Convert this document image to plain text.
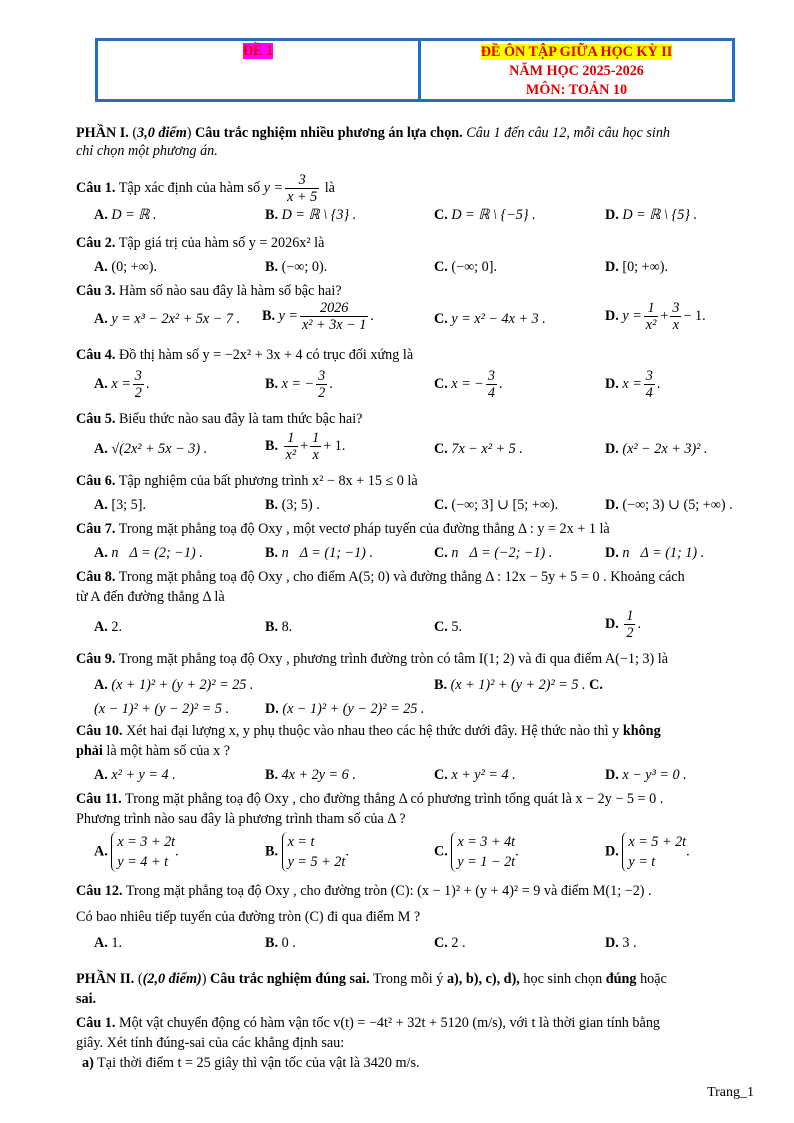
ĐỀ 1	ĐỀ ÔN TẬP GIỮA HỌC KỲ II
NĂM HỌC 2025-2026
MÔN: TOÁN 10
PHẦN I. (3,0 điểm) Câu trắc nghiệm nhiều phương án lựa chọn. Câu 1 đến câu 12, mỗi câu học sinh
chỉ chọn một phương án.
Câu 1. Tập xác định của hàm số $y = \frac{3}{x + 5}$ là
A. D = ℝ .	B. D = ℝ \ {3} .	C. D = ℝ \ {−5} .	D. D = ℝ \ {5} .
Câu 2. Tập giá trị của hàm số y = 2026x² là
A. (0; +∞).	B. (−∞; 0).	C. (−∞; 0].	D. [0; +∞).
Câu 3. Hàm số nào sau đây là hàm số bậc hai?
A. y = x³ − 2x² + 5x − 7 . B. $y = \frac{2026}{\text{x² + 3x − 1}}$ .	C. y = x² − 4x + 3 .	D. $y = \frac{1}{\text{x²}} + \frac{3}{x} - 1$.
Câu 4. Đồ thị hàm số y = −2x² + 3x + 4 có trục đối xứng là
A. $x = \frac{3}{2}$ .	B. x = − $\frac{3}{2}$ .	C. x = − $\frac{3}{4}$ .	D. $x = \frac{3}{4}$ .
Câu 5. Biểu thức nào sau đây là tam thức bậc hai?
A. √(2x² + 5x − 3) .	B. $\frac{1}{\text{x²}} + \frac{1}{x} + 1$.	C. 7x − x² + 5 .	D. (x² − 2x + 3)² .
Câu 6. Tập nghiệm của bất phương trình x² − 8x + 15 ≤ 0 là
A. [3; 5].	B. (3; 5) .	C. (−∞; 3] ∪ [5; +∞).	D. (−∞; 3) ∪ (5; +∞) .
Câu 7. Trong mặt phẳng toạ độ Oxy , một vectơ pháp tuyến của đường thẳng Δ : y = 2x + 1 là
A. n⃗Δ = (2; −1) .	B. n⃗Δ = (1; −1) .	C. n⃗Δ = (−2; −1) .	D. n⃗Δ = (1; 1) .
Câu 8. Trong mặt phẳng toạ độ Oxy , cho điểm A(5; 0) và đường thẳng Δ : 12x − 5y + 5 = 0 . Khoảng cách
từ A đến đường thẳng Δ là
A. 2.	B. 8.	C. 5.	D. $\frac{1}{2}$ .
Câu 9. Trong mặt phẳng toạ độ Oxy , phương trình đường tròn có tâm I(1; 2) và đi qua điểm A(−1; 3) là
A. (x + 1)² + (y + 2)² = 25 .	B. (x + 1)² + (y + 2)² = 5 . C.
(x − 1)² + (y − 2)² = 5 .	D. (x − 1)² + (y − 2)² = 25 .
Câu 10. Xét hai đại lượng x, y phụ thuộc vào nhau theo các hệ thức dưới đây. Hệ thức nào thì y không
phải là một hàm số của x ?
A. x² + y = 4 .	B. 4x + 2y = 6 .	C. x + y² = 4 .	D. x − y³ = 0 .
Câu 11. Trong mặt phẳng toạ độ Oxy , cho đường thẳng Δ có phương trình tổng quát là x − 2y − 5 = 0 .
Phương trình nào sau đây là phương trình tham số của Δ ?
A.
x = 3 + 2t
y = 4 + t
.	B.
x = t
y = 5 + 2t
.	C.
x = 3 + 4t
y = 1 − 2t
.	D.
x = 5 + 2t
y = t
.
Câu 12. Trong mặt phẳng toạ độ Oxy , cho đường tròn (C): (x − 1)² + (y + 4)² = 9 và điểm M(1; −2) .
Có bao nhiêu tiếp tuyến của đường tròn (C) đi qua điểm M ?
A. 1.	B. 0 .	C. 2 .	D. 3 .
PHẦN II. ((2,0 điểm)) Câu trắc nghiệm đúng sai. Trong mỗi ý a), b), c), d), học sinh chọn đúng hoặc
sai.
Câu 1. Một vật chuyển động có hàm vận tốc v(t) = −4t² + 32t + 5120 (m/s), với t là thời gian tính bằng
giây. Xét tính đúng-sai của các khẳng định sau:
a) Tại thời điểm t = 25 giây thì vận tốc của vật là 3420 m/s.
Trang_1
